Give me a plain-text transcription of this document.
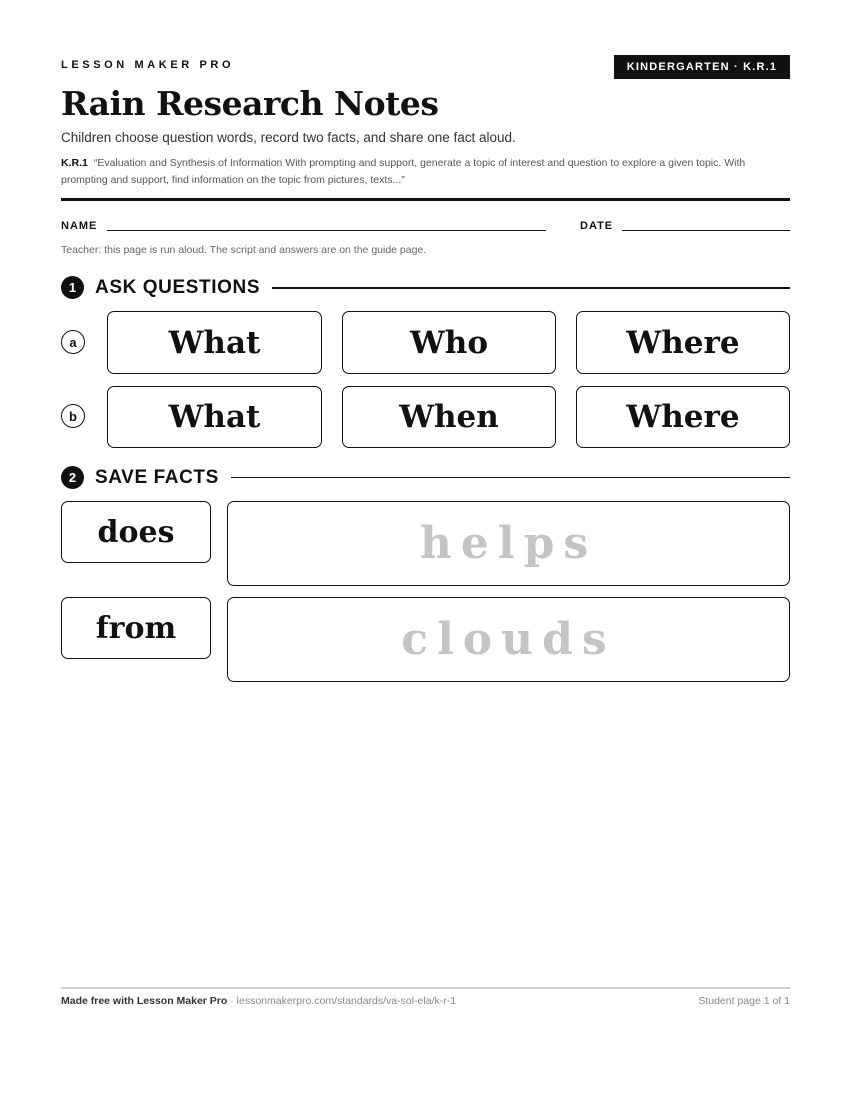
LESSON MAKER PRO	KINDERGARTEN · K.R.1
Rain Research Notes
Children choose question words, record two facts, and share one fact aloud.
K.R.1 “Evaluation and Synthesis of Information With prompting and support, generate a topic of interest and question to explore a given topic. With prompting and support, find information on the topic from pictures, texts...”
NAME	DATE
Teacher: this page is run aloud. The script and answers are on the guide page.
1 ASK QUESTIONS
a	What	Who	Where
b	What	When	Where
2 SAVE FACTS
does	helps
from	clouds
Made free with Lesson Maker Pro · lessonmakerpro.com/standards/va-sol-ela/k-r-1	Student page 1 of 1
